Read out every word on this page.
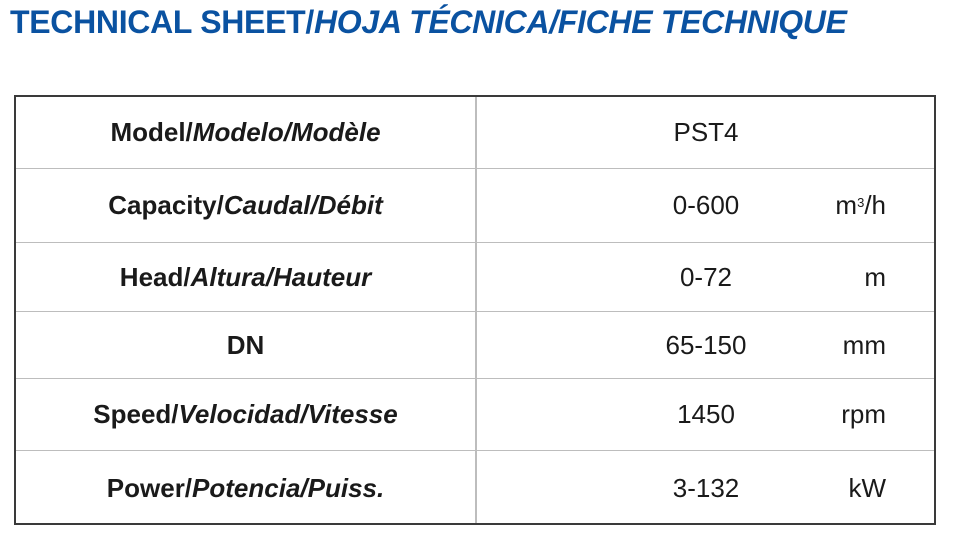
TECHNICAL SHEET/HOJA TÉCNICA/FICHE TECHNIQUE
Model/ Modelo/Modèle	PST4
Capacity/ Caudal/Débit	0-600	$m^3$ /h
Head/ Altura/Hauteur	0-72	m
DN	65-150	mm
Speed/ Velocidad/Vitesse	1450	rpm
Power/ Potencia/Puiss.	3-132	kW
